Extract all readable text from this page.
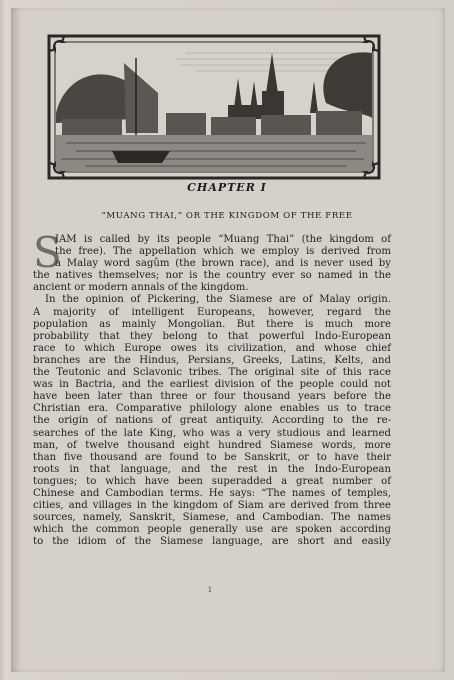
CHAPTER I
“MUANG THAI,” OR THE KINGDOM OF THE FREE
S
IAM is called by its people “Muang Thai” (the kingdom of
the free). The appellation which we employ is derived from
a Malay word sagûm (the brown race), and is never used by
the natives themselves; nor is the country ever so named in the
ancient or modern annals of the kingdom.
In the opinion of Pickering, the Siamese are of Malay origin.
A majority of intelligent Europeans, however, regard the
population as mainly Mongolian. But there is much more
probability that they belong to that powerful Indo-European
race to which Europe owes its civilization, and whose chief
branches are the Hindus, Persians, Greeks, Latins, Kelts, and
the Teutonic and Sclavonic tribes. The original site of this race
was in Bactria, and the earliest division of the people could not
have been later than three or four thousand years before the
Christian era. Comparative philology alone enables us to trace
the origin of nations of great antiquity. According to the re-
searches of the late King, who was a very studious and learned
man, of twelve thousand eight hundred Siamese words, more
than five thousand are found to be Sanskrit, or to have their
roots in that language, and the rest in the Indo-European
tongues; to which have been superadded a great number of
Chinese and Cambodian terms. He says: “The names of temples,
cities, and villages in the kingdom of Siam are derived from three
sources, namely, Sanskrit, Siamese, and Cambodian. The names
which the common people generally use are spoken according
to the idiom of the Siamese language, are short and easily
1
